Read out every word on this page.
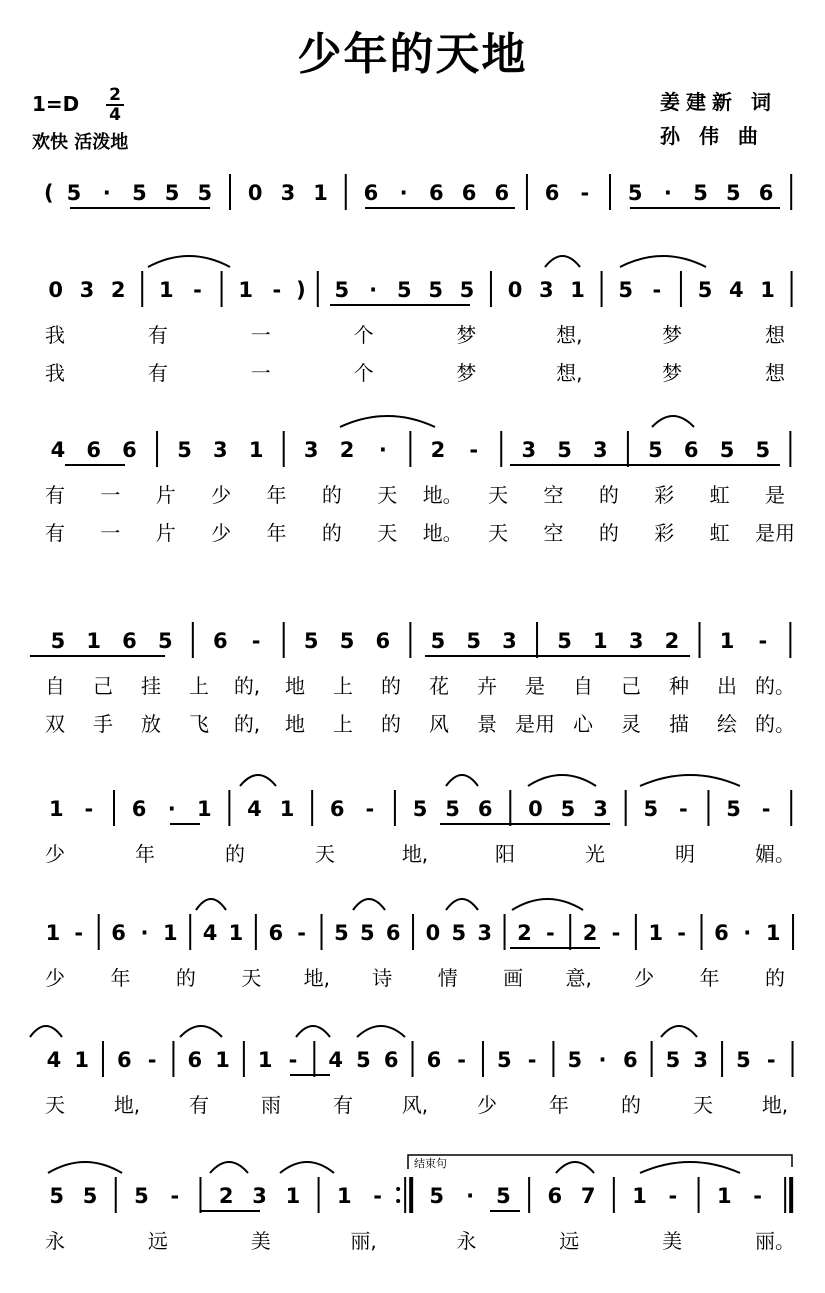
少年的天地
1=D 2
4
欢快 活泼地
姜建新 词
孙 伟 曲
( 5 · 5 5 5 0 3 1 6 · 6 6 6 6 - 5 · 5 5 6
0 3 2 1 - 1 - ) 5 · 5 5 5 0 3 1 5 - 5 4 1
我	有	一	个	梦	想,	梦	想
我	有	一	个	梦	想,	梦	想
4 6 6 5 3 1 3 2 · 2 - 3 5 3 5 6 5 5
有 一 片 少 年 的 天 地。 天 空 的 彩 虹 是
有 一 片 少 年 的 天 地。 天 空 的 彩 虹 是用
5 1 6 5 6 - 5 5 6 5 5 3 5 1 3 2 1 -
自 己 挂 上 的, 地 上 的 花 卉 是 自 己 种 出 的。
双 手 放 飞 的, 地 上 的 风 景 是用 心 灵 描 绘 的。
1 - 6 · 1 4 1 6 - 5 5 6 0 5 3 5 - 5 -
少	年	的	天	地,	阳	光	明	媚。
1 - 6 · 1 4 1 6 - 5 5 6 0 5 3 2 - 2 - 1 - 6 · 1
少 年 的 天 地, 诗 情 画 意, 少 年 的
4 1 6 - 6 1 1 - 4 5 6 6 - 5 - 5 · 6 5 3 5 -
天 地, 有	雨	有 风, 少	年	的	天 地,
5 5 5 - 2 3 1 1 - 5 · 5 6 7 1 - 1 -
永	远	美	丽,	永	远	美	丽。
结束句
